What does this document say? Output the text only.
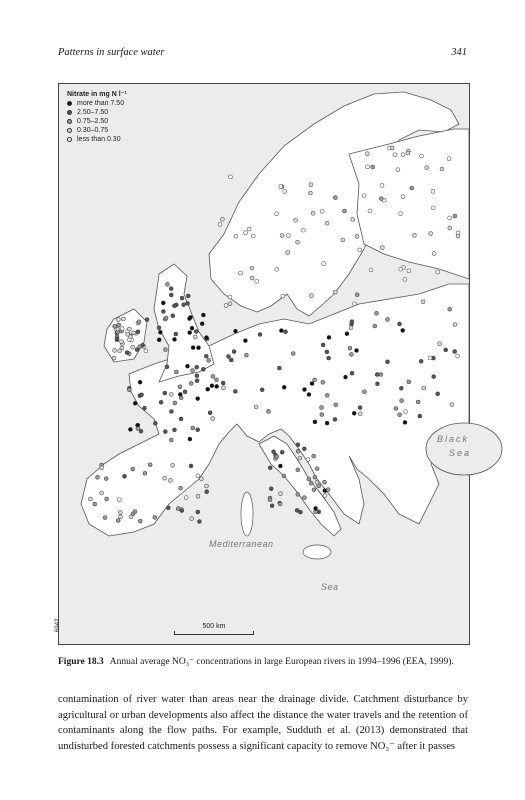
Patterns in surface water	341
Nitrate in mg N l⁻¹
more than 7.50
2.50–7.50
0.75–2.50
0.30–0.75
less than 0.30
Black
Sea
Mediterranean
Sea
6942	500 km
Figure 18.3 Annual average NO₃⁻ concentrations in large European rivers in 1994–1996 (EEA, 1999).
contamination of river water than areas near the drainage divide. Catchment disturbance by agricultural or urban developments also affect the distance the water travels and the retention of contaminants along the flow paths. For example, Sudduth et al. (2013) demonstrated that undisturbed forested catchments possess a significant capacity to remove NO₃⁻ after it passes
